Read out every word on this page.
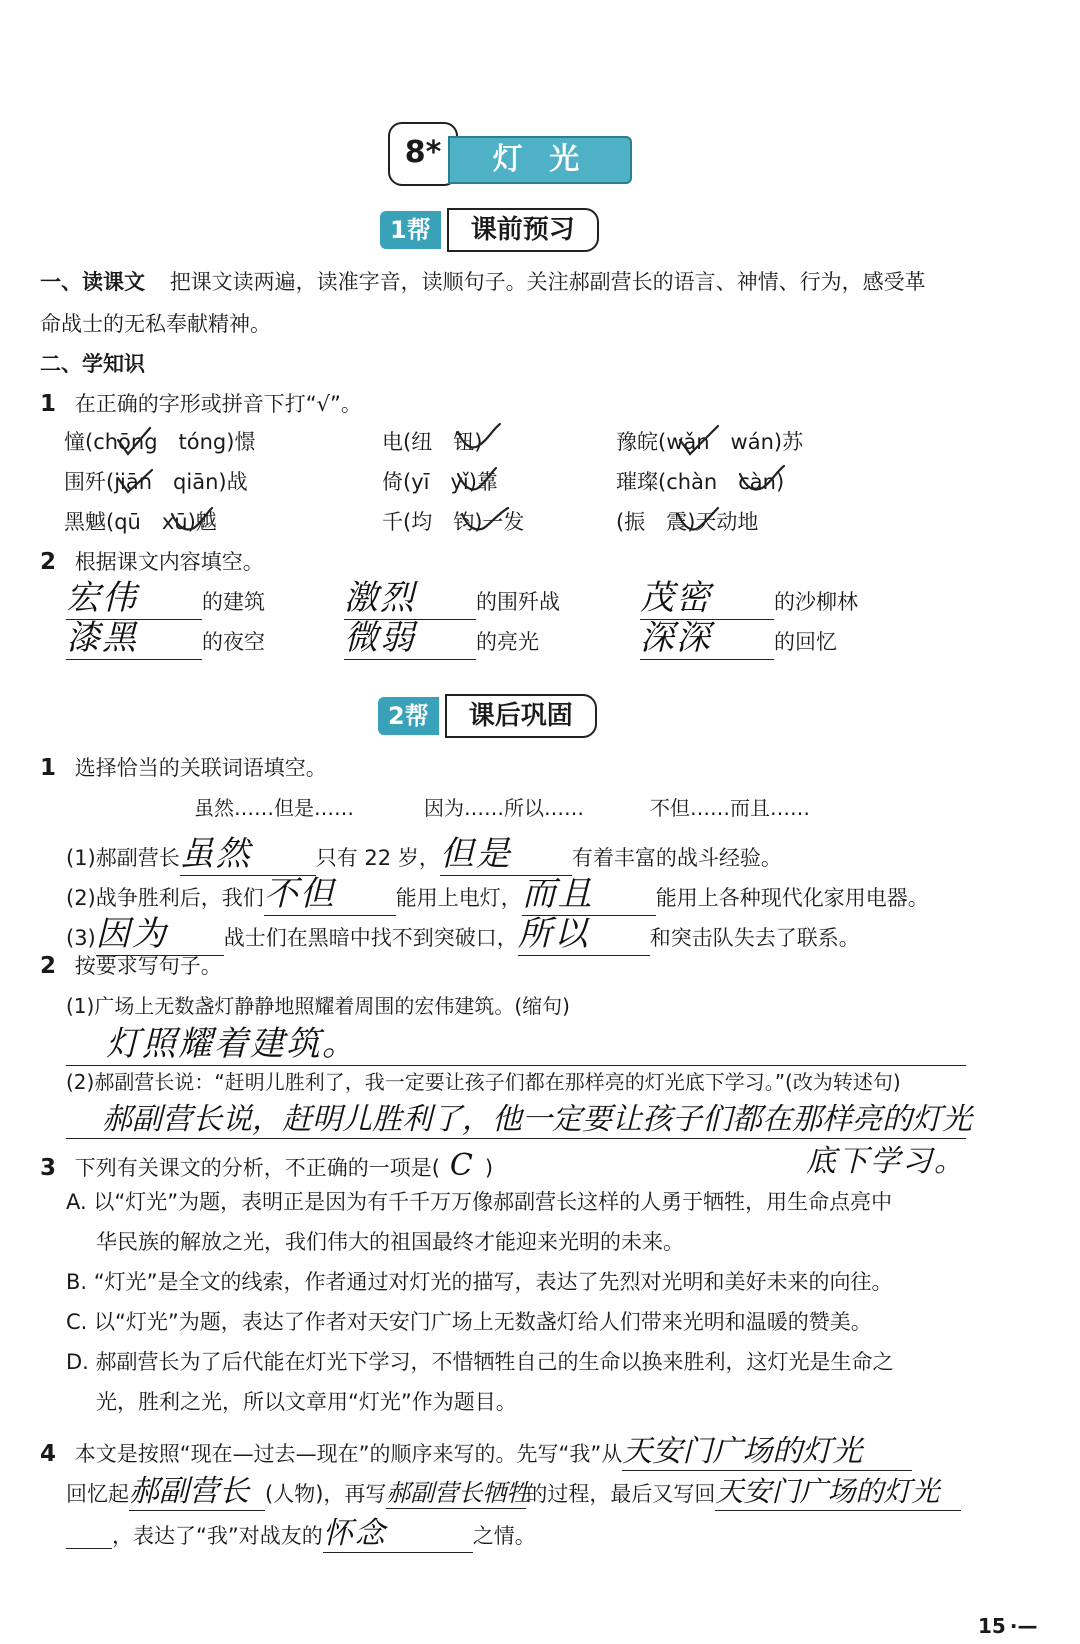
8*	灯 光
1帮	课前预习
一、读课文 把课文读两遍，读准字音，读顺句子。关注郝副营长的语言、神情、行为，感受革
命战士的无私奉献精神。
二、学知识
1 在正确的字形或拼音下打“√”。
憧(chōng　tóng)憬	电(纽　钮)	豫皖(wǎn　wán)苏
围歼(jiān　qiān)战	倚(yī　yǐ)靠	璀璨(chàn　càn)
黑魆(qū　xū)魆	千(均　钧)一发	(振　震)天动地
2 根据课文内容填空。
宏伟	的建筑 激烈	的围歼战 茂密	的沙柳林
漆黑	的夜空 微弱	的亮光	深深	的回忆
2帮	课后巩固
1 选择恰当的关联词语填空。
虽然……但是……	因为……所以……	不但……而且……
(1)郝副营长虽然	只有 22 岁，但是	有着丰富的战斗经验。
(2)战争胜利后，我们不但	能用上电灯，而且	能用上各种现代化家用电器。
(3)因为	战士们在黑暗中找不到突破口，所以	和突击队失去了联系。
2 按要求写句子。
(1)广场上无数盏灯静静地照耀着周围的宏伟建筑。(缩句)
灯照耀着建筑。
(2)郝副营长说：“赶明儿胜利了，我一定要让孩子们都在那样亮的灯光底下学习。”(改为转述句)
郝副营长说，赶明儿胜利了，他一定要让孩子们都在那样亮的灯光
底下学习。
3 下列有关课文的分析，不正确的一项是( C )
A. 以“灯光”为题，表明正是因为有千千万万像郝副营长这样的人勇于牺牲，用生命点亮中
华民族的解放之光，我们伟大的祖国最终才能迎来光明的未来。
B. “灯光”是全文的线索，作者通过对灯光的描写，表达了先烈对光明和美好未来的向往。
C. 以“灯光”为题，表达了作者对天安门广场上无数盏灯给人们带来光明和温暖的赞美。
D. 郝副营长为了后代能在灯光下学习，不惜牺牲自己的生命以换来胜利，这灯光是生命之
光，胜利之光，所以文章用“灯光”作为题目。
4 本文是按照“现在—过去—现在”的顺序来写的。先写“我”从天安门广场的灯光
回忆起郝副营长 (人物)，再写郝副营长牺牲的过程，最后又写回天安门广场的灯光
，表达了“我”对战友的怀念	之情。
15 ·—
